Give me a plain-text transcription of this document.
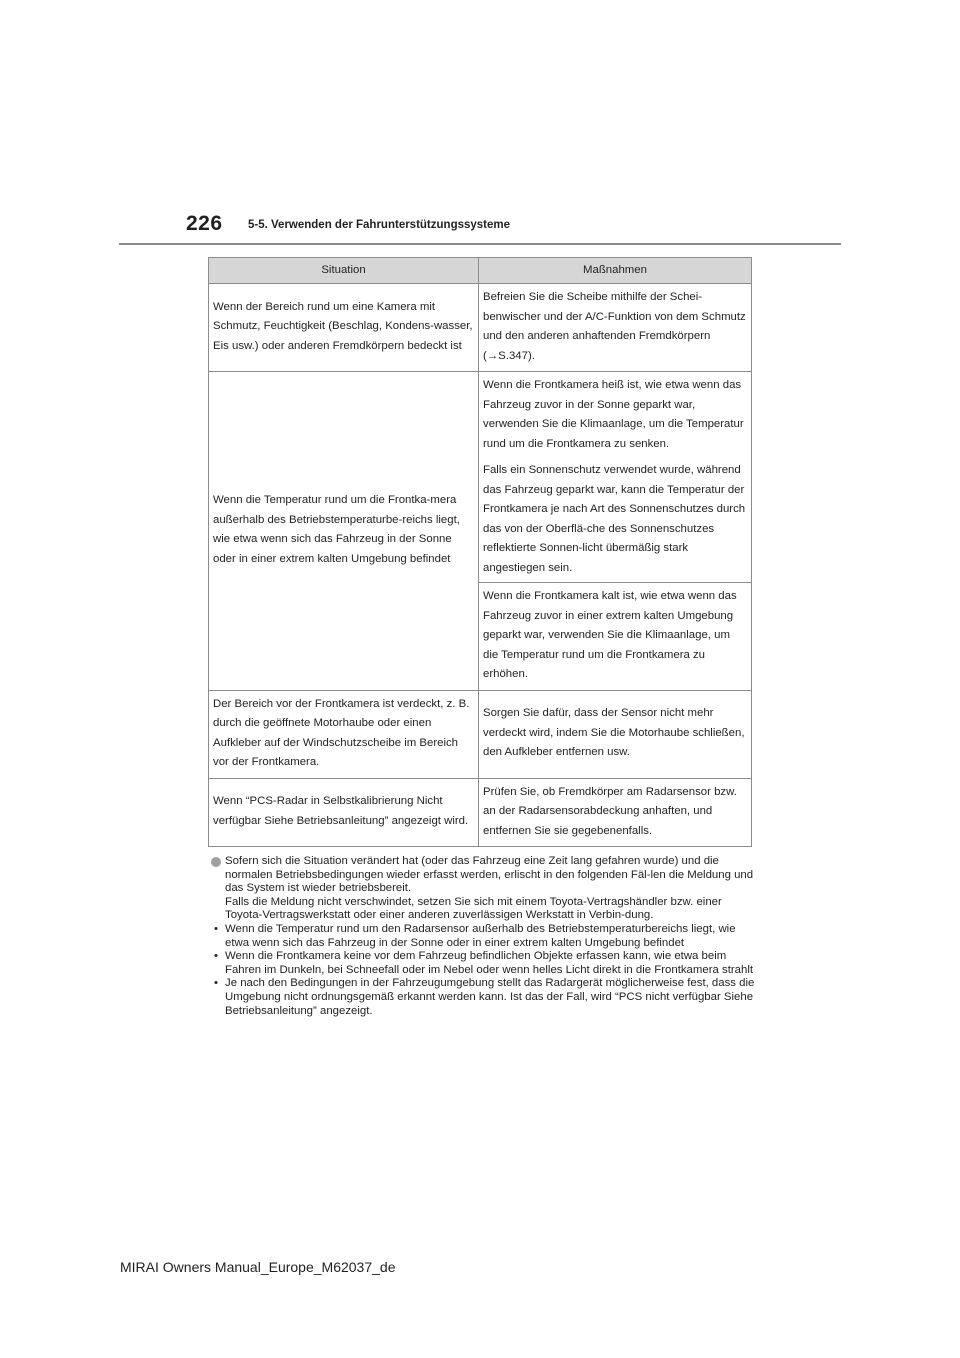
226 5-5. Verwenden der Fahrunterstützungssysteme
Situation	Maßnahmen
Wenn der Bereich rund um eine Kamera mit Schmutz, Feuchtigkeit (Beschlag, Kondens-wasser, Eis usw.) oder anderen Fremdkörpern bedeckt ist	Befreien Sie die Scheibe mithilfe der Schei-benwischer und der A/C-Funktion von dem Schmutz und den anderen anhaftenden Fremdkörpern (→S.347).
Wenn die Temperatur rund um die Frontka-mera außerhalb des Betriebstemperaturbe-reichs liegt, wie etwa wenn sich das Fahrzeug in der Sonne oder in einer extrem kalten Umgebung befindet	Wenn die Frontkamera heiß ist, wie etwa wenn das Fahrzeug zuvor in der Sonne geparkt war, verwenden Sie die Klimaanlage, um die Temperatur rund um die Frontkamera zu senken.
Falls ein Sonnenschutz verwendet wurde, während das Fahrzeug geparkt war, kann die Temperatur der Frontkamera je nach Art des Sonnenschutzes durch das von der Oberflä-che des Sonnenschutzes reflektierte Sonnen-licht übermäßig stark angestiegen sein.

	Wenn die Frontkamera kalt ist, wie etwa wenn das Fahrzeug zuvor in einer extrem kalten Umgebung geparkt war, verwenden Sie die Klimaanlage, um die Temperatur rund um die Frontkamera zu erhöhen.
Der Bereich vor der Frontkamera ist verdeckt, z. B. durch die geöffnete Motorhaube oder einen Aufkleber auf der Windschutzscheibe im Bereich vor der Frontkamera.	Sorgen Sie dafür, dass der Sensor nicht mehr verdeckt wird, indem Sie die Motorhaube schließen, den Aufkleber entfernen usw.
Wenn “PCS-Radar in Selbstkalibrierung Nicht verfügbar Siehe Betriebsanleitung” angezeigt wird.	Prüfen Sie, ob Fremdkörper am Radarsensor bzw. an der Radarsensorabdeckung anhaften, und entfernen Sie sie gegebenenfalls.
Sofern sich die Situation verändert hat (oder das Fahrzeug eine Zeit lang gefahren wurde) und die normalen Betriebsbedingungen wieder erfasst werden, erlischt in den folgenden Fäl-len die Meldung und das System ist wieder betriebsbereit.
Falls die Meldung nicht verschwindet, setzen Sie sich mit einem Toyota-Vertragshändler bzw. einer Toyota-Vertragswerkstatt oder einer anderen zuverlässigen Werkstatt in Verbin-dung.
• Wenn die Temperatur rund um den Radarsensor außerhalb des Betriebstemperaturbereichs liegt, wie etwa wenn sich das Fahrzeug in der Sonne oder in einer extrem kalten Umgebung befindet
• Wenn die Frontkamera keine vor dem Fahrzeug befindlichen Objekte erfassen kann, wie etwa beim Fahren im Dunkeln, bei Schneefall oder im Nebel oder wenn helles Licht direkt in die Frontkamera strahlt
• Je nach den Bedingungen in der Fahrzeugumgebung stellt das Radargerät möglicherweise fest, dass die Umgebung nicht ordnungsgemäß erkannt werden kann. Ist das der Fall, wird “PCS nicht verfügbar Siehe Betriebsanleitung” angezeigt.
MIRAI Owners Manual_Europe_M62037_de
